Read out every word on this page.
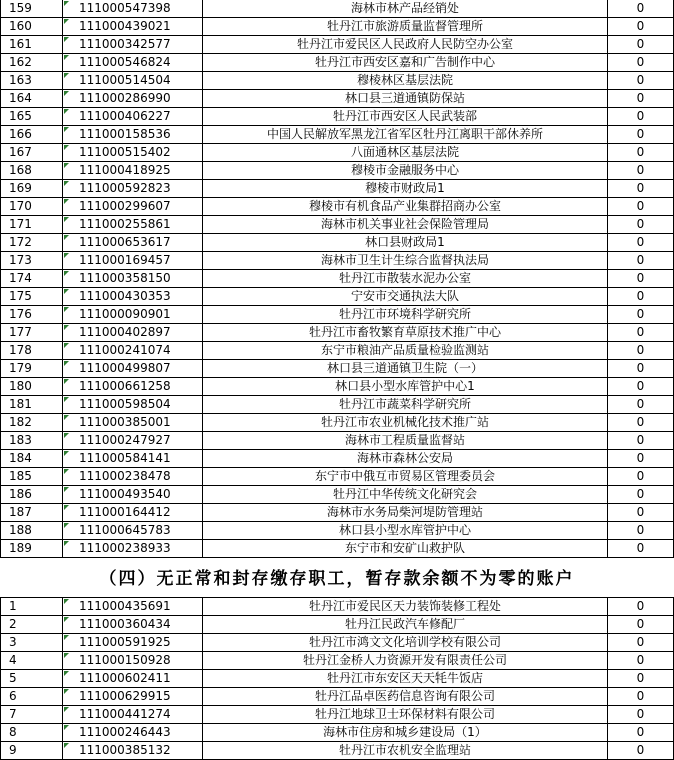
159	111000547398	海林市林产品经销处	0
160	111000439021	牡丹江市旅游质量监督管理所	0
161	111000342577	牡丹江市爱民区人民政府人民防空办公室	0
162	111000546824	牡丹江市西安区嘉和广告制作中心	0
163	111000514504	穆棱林区基层法院	0
164	111000286990	林口县三道通镇防保站	0
165	111000406227	牡丹江市西安区人民武装部	0
166	111000158536	中国人民解放军黑龙江省军区牡丹江离职干部休养所	0
167	111000515402	八面通林区基层法院	0
168	111000418925	穆棱市金融服务中心	0
169	111000592823	穆棱市财政局1	0
170	111000299607	穆棱市有机食品产业集群招商办公室	0
171	111000255861	海林市机关事业社会保险管理局	0
172	111000653617	林口县财政局1	0
173	111000169457	海林市卫生计生综合监督执法局	0
174	111000358150	牡丹江市散装水泥办公室	0
175	111000430353	宁安市交通执法大队	0
176	111000090901	牡丹江市环境科学研究所	0
177	111000402897	牡丹江市畜牧繁育草原技术推广中心	0
178	111000241074	东宁市粮油产品质量检验监测站	0
179	111000499807	林口县三道通镇卫生院（一）	0
180	111000661258	林口县小型水库管护中心1	0
181	111000598504	牡丹江市蔬菜科学研究所	0
182	111000385001	牡丹江市农业机械化技术推广站	0
183	111000247927	海林市工程质量监督站	0
184	111000584141	海林市森林公安局	0
185	111000238478	东宁市中俄互市贸易区管理委员会	0
186	111000493540	牡丹江中华传统文化研究会	0
187	111000164412	海林市水务局柴河堤防管理站	0
188	111000645783	林口县小型水库管护中心	0
189	111000238933	东宁市和安矿山救护队	0
（四）无正常和封存缴存职工，暂存款余额不为零的账户
1	111000435691	牡丹江市爱民区天力装饰装修工程处	0
2	111000360434	牡丹江民政汽车修配厂	0
3	111000591925	牡丹江市鸿文文化培训学校有限公司	0
4	111000150928	牡丹江金桥人力资源开发有限责任公司	0
5	111000602411	牡丹江市东安区天天牦牛饭店	0
6	111000629915	牡丹江品卓医药信息咨询有限公司	0
7	111000441274	牡丹江地球卫士环保材料有限公司	0
8	111000246443	海林市住房和城乡建设局（1）	0
9	111000385132	牡丹江市农机安全监理站	0
